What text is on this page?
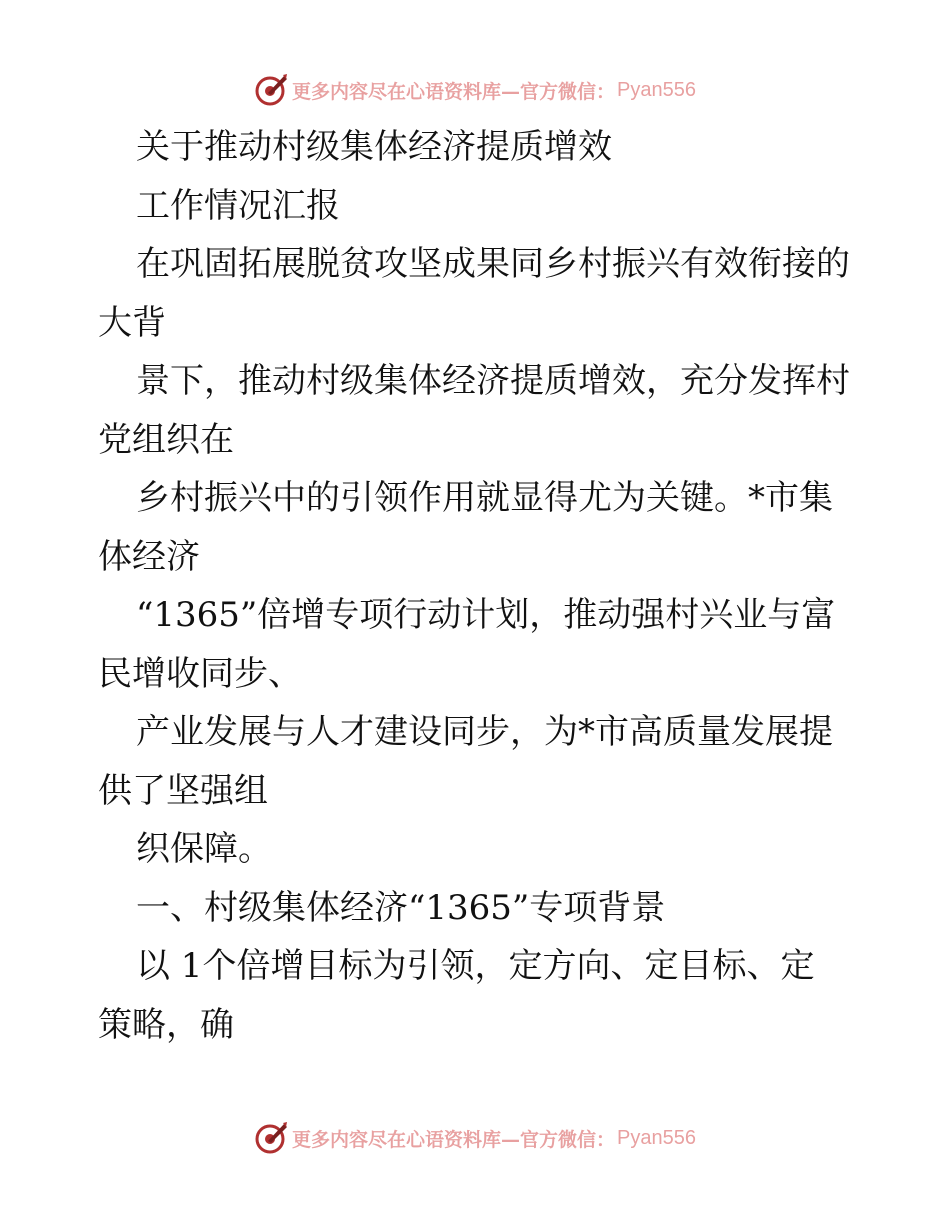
更多内容尽在心语资料库—官方微信： Pyan556

关于推动村级集体经济提质增效

工作情况汇报

在巩固拓展脱贫攻坚成果同乡村振兴有效衔接的

大背

景下，推动村级集体经济提质增效，充分发挥村

党组织在

乡村振兴中的引领作用就显得尤为关键。*市集

体经济

“1365”倍增专项行动计划，推动强村兴业与富

民增收同步、

产业发展与人才建设同步，为*市高质量发展提

供了坚强组

织保障。

一、村级集体经济“1365”专项背景

以 1个倍增目标为引领，定方向、定目标、定

策略，确

更多内容尽在心语资料库—官方微信： Pyan556
